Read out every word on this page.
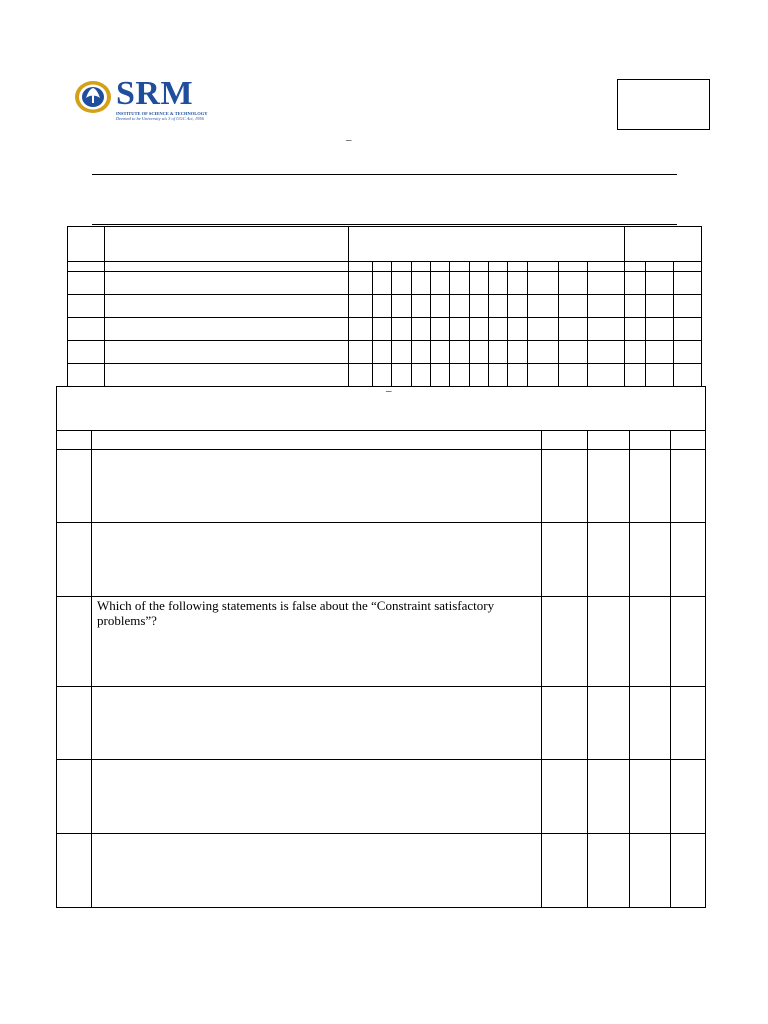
SRM
INSTITUTE OF SCIENCE & TECHNOLOGY
Deemed to be University u/s 3 of UGC Act, 1956
–
–
Which of the following statements is false about the “Constraint satisfactory problems”?
